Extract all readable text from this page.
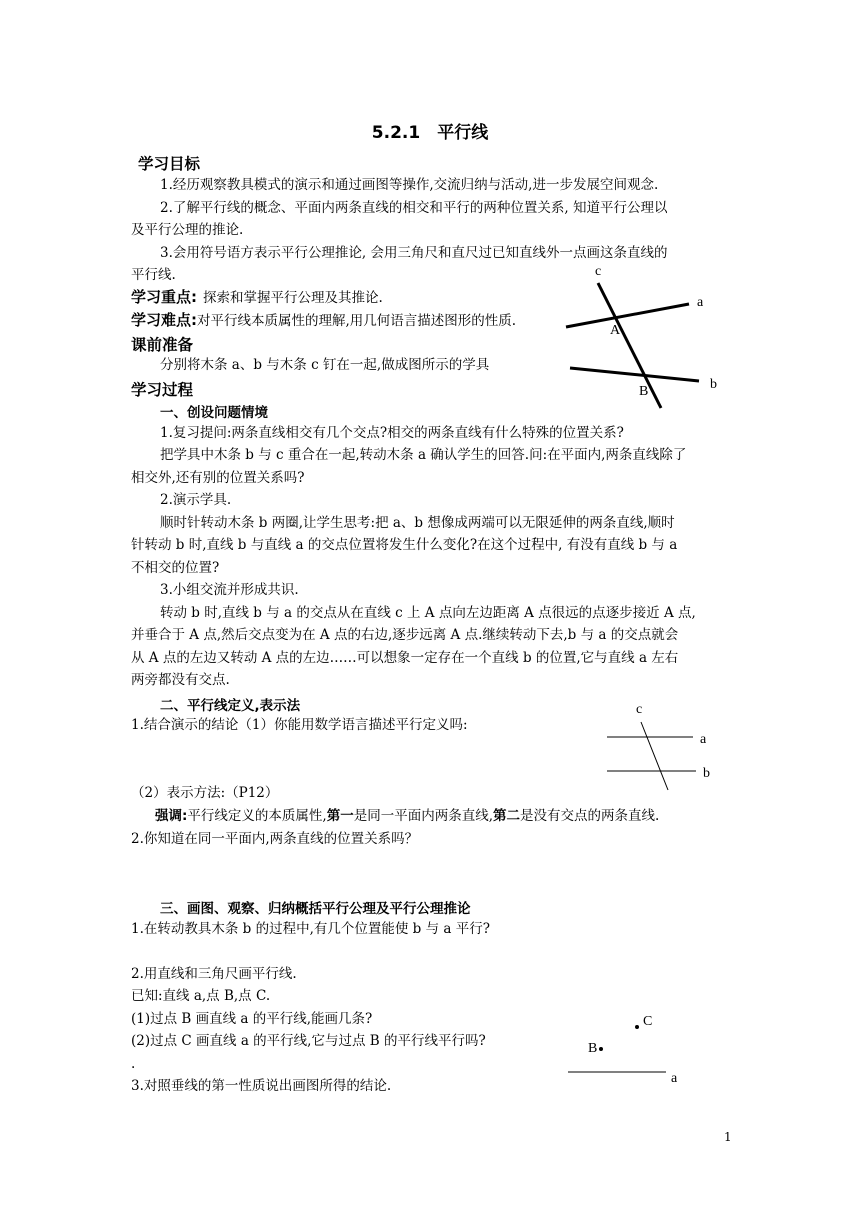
5.2.1　平行线
学习目标
1.经历观察教具模式的演示和通过画图等操作,交流归纳与活动,进一步发展空间观念.
2.了解平行线的概念、平面内两条直线的相交和平行的两种位置关系, 知道平行公理以
及平行公理的推论.
3.会用符号语方表示平行公理推论, 会用三角尺和直尺过已知直线外一点画这条直线的
平行线.
学习重点: 探索和掌握平行公理及其推论.
学习难点:对平行线本质属性的理解,用几何语言描述图形的性质.
课前准备
分别将木条 a、b 与木条 c 钉在一起,做成图所示的学具
学习过程
一、创设问题情境
1.复习提问:两条直线相交有几个交点?相交的两条直线有什么特殊的位置关系?
把学具中木条 b 与 c 重合在一起,转动木条 a 确认学生的回答.问:在平面内,两条直线除了
相交外,还有别的位置关系吗?
2.演示学具.
顺时针转动木条 b 两圈,让学生思考:把 a、b 想像成两端可以无限延伸的两条直线,顺时
针转动 b 时,直线 b 与直线 a 的交点位置将发生什么变化?在这个过程中, 有没有直线 b 与 a
不相交的位置?
3.小组交流并形成共识.
转动 b 时,直线 b 与 a 的交点从在直线 c 上 A 点向左边距离 A 点很远的点逐步接近 A 点,
并垂合于 A 点,然后交点变为在 A 点的右边,逐步远离 A 点.继续转动下去,b 与 a 的交点就会
从 A 点的左边又转动 A 点的左边……可以想象一定存在一个直线 b 的位置,它与直线 a 左右
两旁都没有交点.
二、平行线定义,表示法
1.结合演示的结论（1）你能用数学语言描述平行定义吗:
（2）表示方法:（P12）
强调:平行线定义的本质属性,第一是同一平面内两条直线,第二是没有交点的两条直线.
2.你知道在同一平面内,两条直线的位置关系吗？
三、画图、观察、归纳概括平行公理及平行公理推论
1.在转动教具木条 b 的过程中,有几个位置能使 b 与 a 平行?
2.用直线和三角尺画平行线.
已知:直线 a,点 B,点 C.
(1)过点 B 画直线 a 的平行线,能画几条?
(2)过点 C 画直线 a 的平行线,它与过点 B 的平行线平行吗?
.
3.对照垂线的第一性质说出画图所得的结论.
1
c
a
A
B	b
c
a
b
C
B
a
